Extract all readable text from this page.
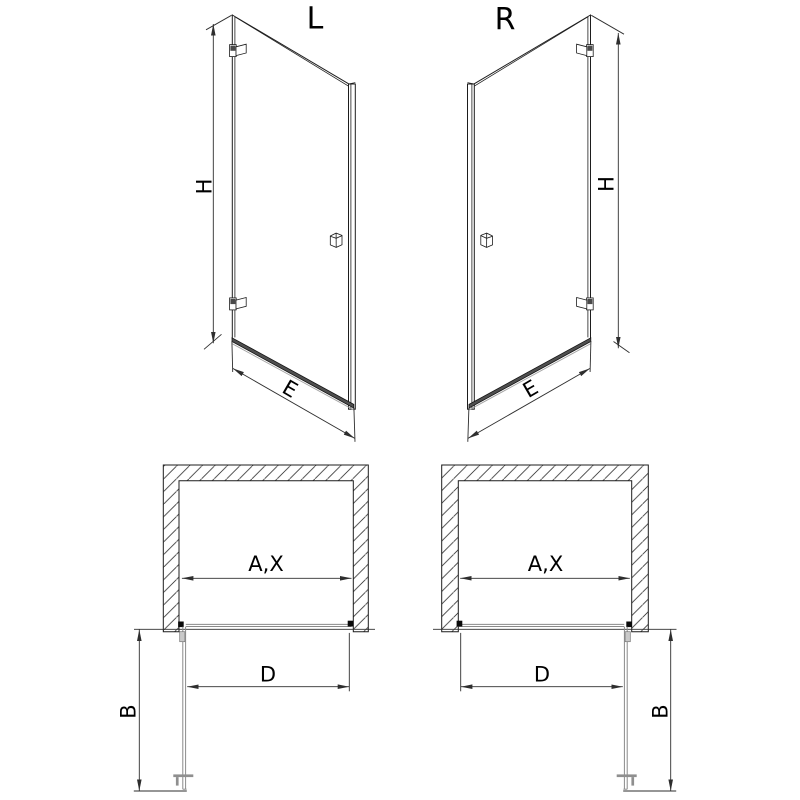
L
H
E
R
H
E
A,X
D
B
A,X
D
B
